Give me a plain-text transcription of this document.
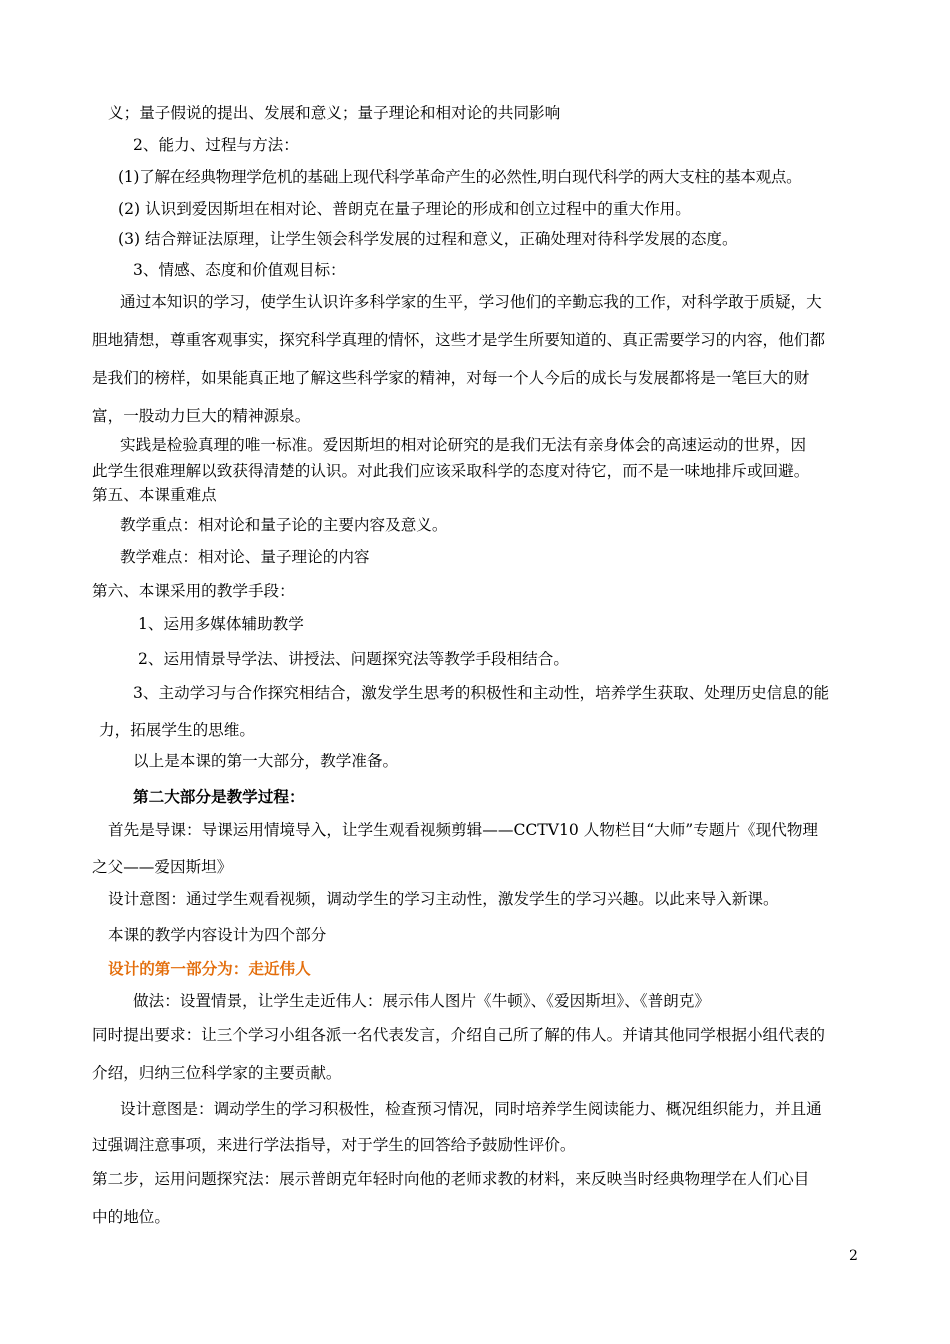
义；量子假说的提出、发展和意义；量子理论和相对论的共同影响
2、能力、过程与方法：
(1)了解在经典物理学危机的基础上现代科学革命产生的必然性,明白现代科学的两大支柱的基本观点。
(2) 认识到爱因斯坦在相对论、普朗克在量子理论的形成和创立过程中的重大作用。
(3) 结合辩证法原理，让学生领会科学发展的过程和意义，正确处理对待科学发展的态度。
3、情感、态度和价值观目标：
通过本知识的学习，使学生认识许多科学家的生平，学习他们的辛勤忘我的工作，对科学敢于质疑，大
胆地猜想，尊重客观事实，探究科学真理的情怀，这些才是学生所要知道的、真正需要学习的内容，他们都
是我们的榜样，如果能真正地了解这些科学家的精神，对每一个人今后的成长与发展都将是一笔巨大的财
富，一股动力巨大的精神源泉。
实践是检验真理的唯一标准。爱因斯坦的相对论研究的是我们无法有亲身体会的高速运动的世界，因
此学生很难理解以致获得清楚的认识。对此我们应该采取科学的态度对待它，而不是一味地排斥或回避。
第五、本课重难点
教学重点：相对论和量子论的主要内容及意义。
教学难点：相对论、量子理论的内容
第六、本课采用的教学手段：
1、运用多媒体辅助教学
2、运用情景导学法、讲授法、问题探究法等教学手段相结合。
3、主动学习与合作探究相结合，激发学生思考的积极性和主动性，培养学生获取、处理历史信息的能
力，拓展学生的思维。
以上是本课的第一大部分，教学准备。
第二大部分是教学过程：
首先是导课：导课运用情境导入，让学生观看视频剪辑——CCTV10 人物栏目“大师”专题片《现代物理
之父——爱因斯坦》
设计意图：通过学生观看视频，调动学生的学习主动性，激发学生的学习兴趣。以此来导入新课。
本课的教学内容设计为四个部分
设计的第一部分为：走近伟人
做法：设置情景，让学生走近伟人：展示伟人图片《牛顿》、《爱因斯坦》、《普朗克》
同时提出要求：让三个学习小组各派一名代表发言，介绍自己所了解的伟人。并请其他同学根据小组代表的
介绍，归纳三位科学家的主要贡献。
设计意图是：调动学生的学习积极性，检查预习情况，同时培养学生阅读能力、概况组织能力，并且通
过强调注意事项，来进行学法指导，对于学生的回答给予鼓励性评价。
第二步，运用问题探究法：展示普朗克年轻时向他的老师求教的材料，来反映当时经典物理学在人们心目
中的地位。
2
